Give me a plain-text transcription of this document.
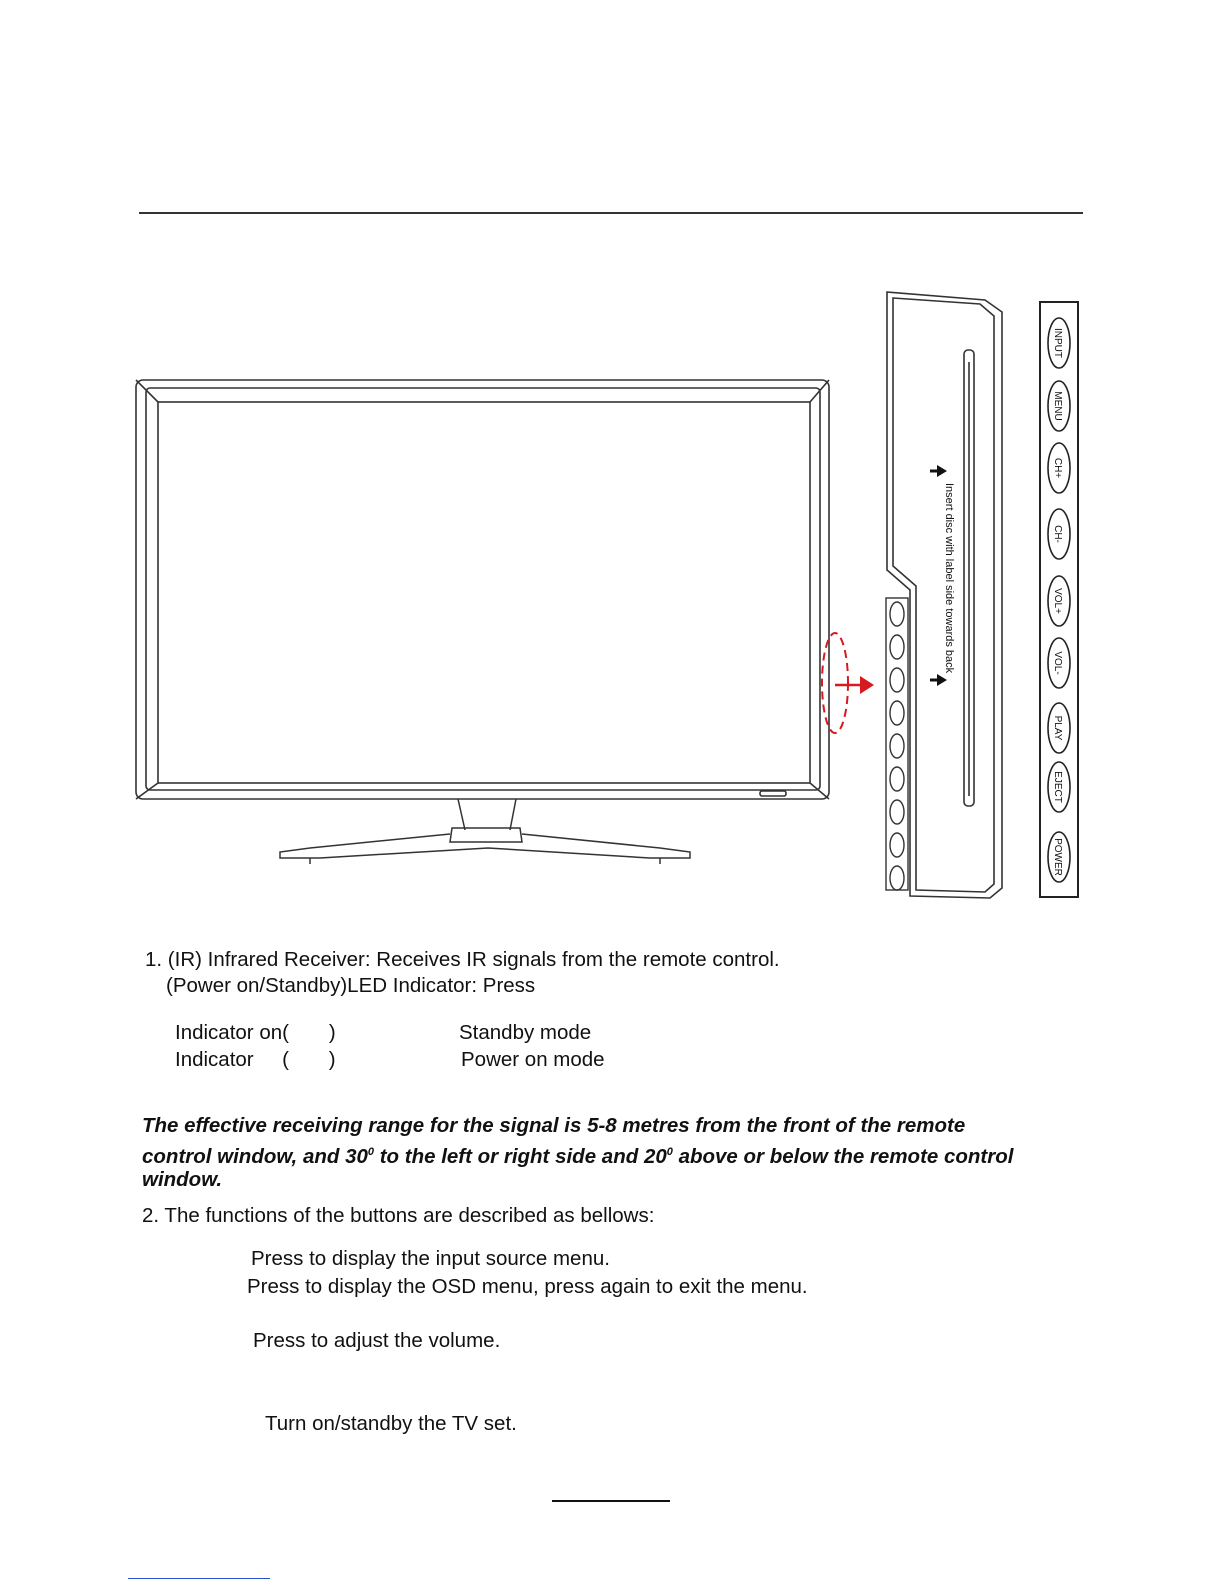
Insert disc with label side towards back
INPUT
MENU
CH+
CH-
VOL+
VOL-
PLAY
EJECT
POWER
1. (IR) Infrared Receiver: Receives IR signals from the remote control.
(Power on/Standby)LED Indicator: Press
Indicator on(       )	Standby mode
Indicator     (       )	Power on mode
The effective receiving range for the signal is 5-8 metres from the front of the remote
control window, and $30^0$ to the left or right side and $20^0$ above or below the remote control
window.
2. The functions of the buttons are described as bellows:
Press to display the input source menu.
Press to display the OSD menu, press again to exit the menu.
Press to adjust the volume.
Turn on/standby the TV set.
